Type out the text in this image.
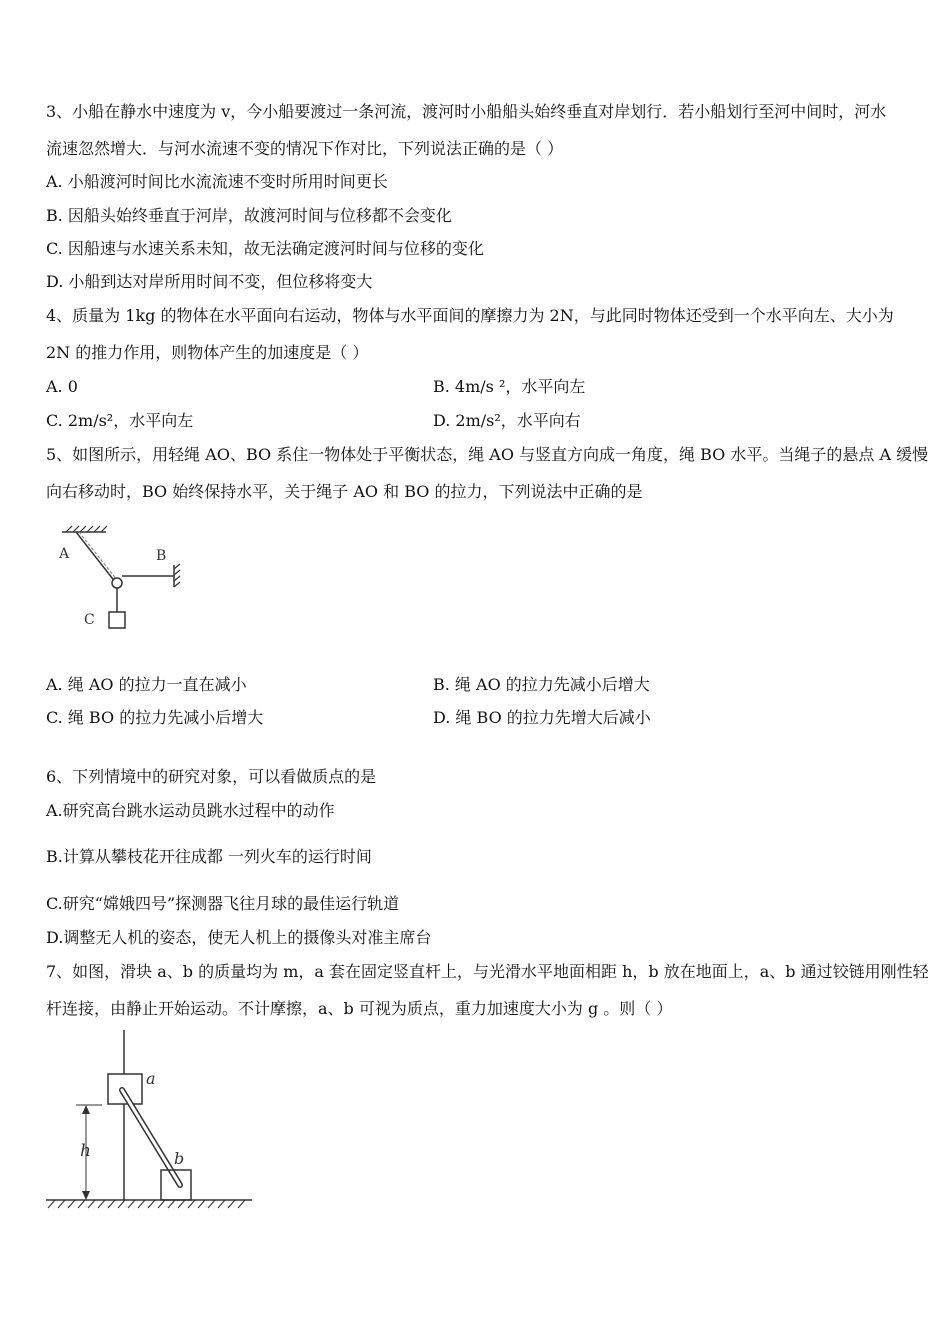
3、小船在静水中速度为 v，今小船要渡过一条河流，渡河时小船船头始终垂直对岸划行．若小船划行至河中间时，河水
流速忽然增大．与河水流速不变的情况下作对比，下列说法正确的是（ ）
A. 小船渡河时间比水流流速不变时所用时间更长
B. 因船头始终垂直于河岸，故渡河时间与位移都不会变化
C. 因船速与水速关系未知，故无法确定渡河时间与位移的变化
D. 小船到达对岸所用时间不变，但位移将变大
4、质量为 1kg 的物体在水平面向右运动，物体与水平面间的摩擦力为 2N，与此同时物体还受到一个水平向左、大小为
2N 的推力作用，则物体产生的加速度是（ ）
A. 0	B. 4m/s ²，水平向左
C. 2m/s²，水平向左	D. 2m/s²，水平向右
5、如图所示，用轻绳 AO、BO 系住一物体处于平衡状态，绳 AO 与竖直方向成一角度，绳 BO 水平。当绳子的悬点 A 缓慢
向右移动时，BO 始终保持水平，关于绳子 AO 和 BO 的拉力，下列说法中正确的是
A	B
C
A. 绳 AO 的拉力一直在减小	B. 绳 AO 的拉力先减小后增大
C. 绳 BO 的拉力先减小后增大	D. 绳 BO 的拉力先增大后减小
6、下列情境中的研究对象，可以看做质点的是
A.研究高台跳水运动员跳水过程中的动作
B.计算从攀枝花开往成都 一列火车的运行时间
C.研究“嫦娥四号”探测器飞往月球的最佳运行轨道
D.调整无人机的姿态，使无人机上的摄像头对准主席台
7、如图，滑块 a、b 的质量均为 m，a 套在固定竖直杆上，与光滑水平地面相距 h，b 放在地面上，a、b 通过铰链用刚性轻
杆连接，由静止开始运动。不计摩擦，a、b 可视为质点，重力加速度大小为 g 。则（ ）
h
a
b
